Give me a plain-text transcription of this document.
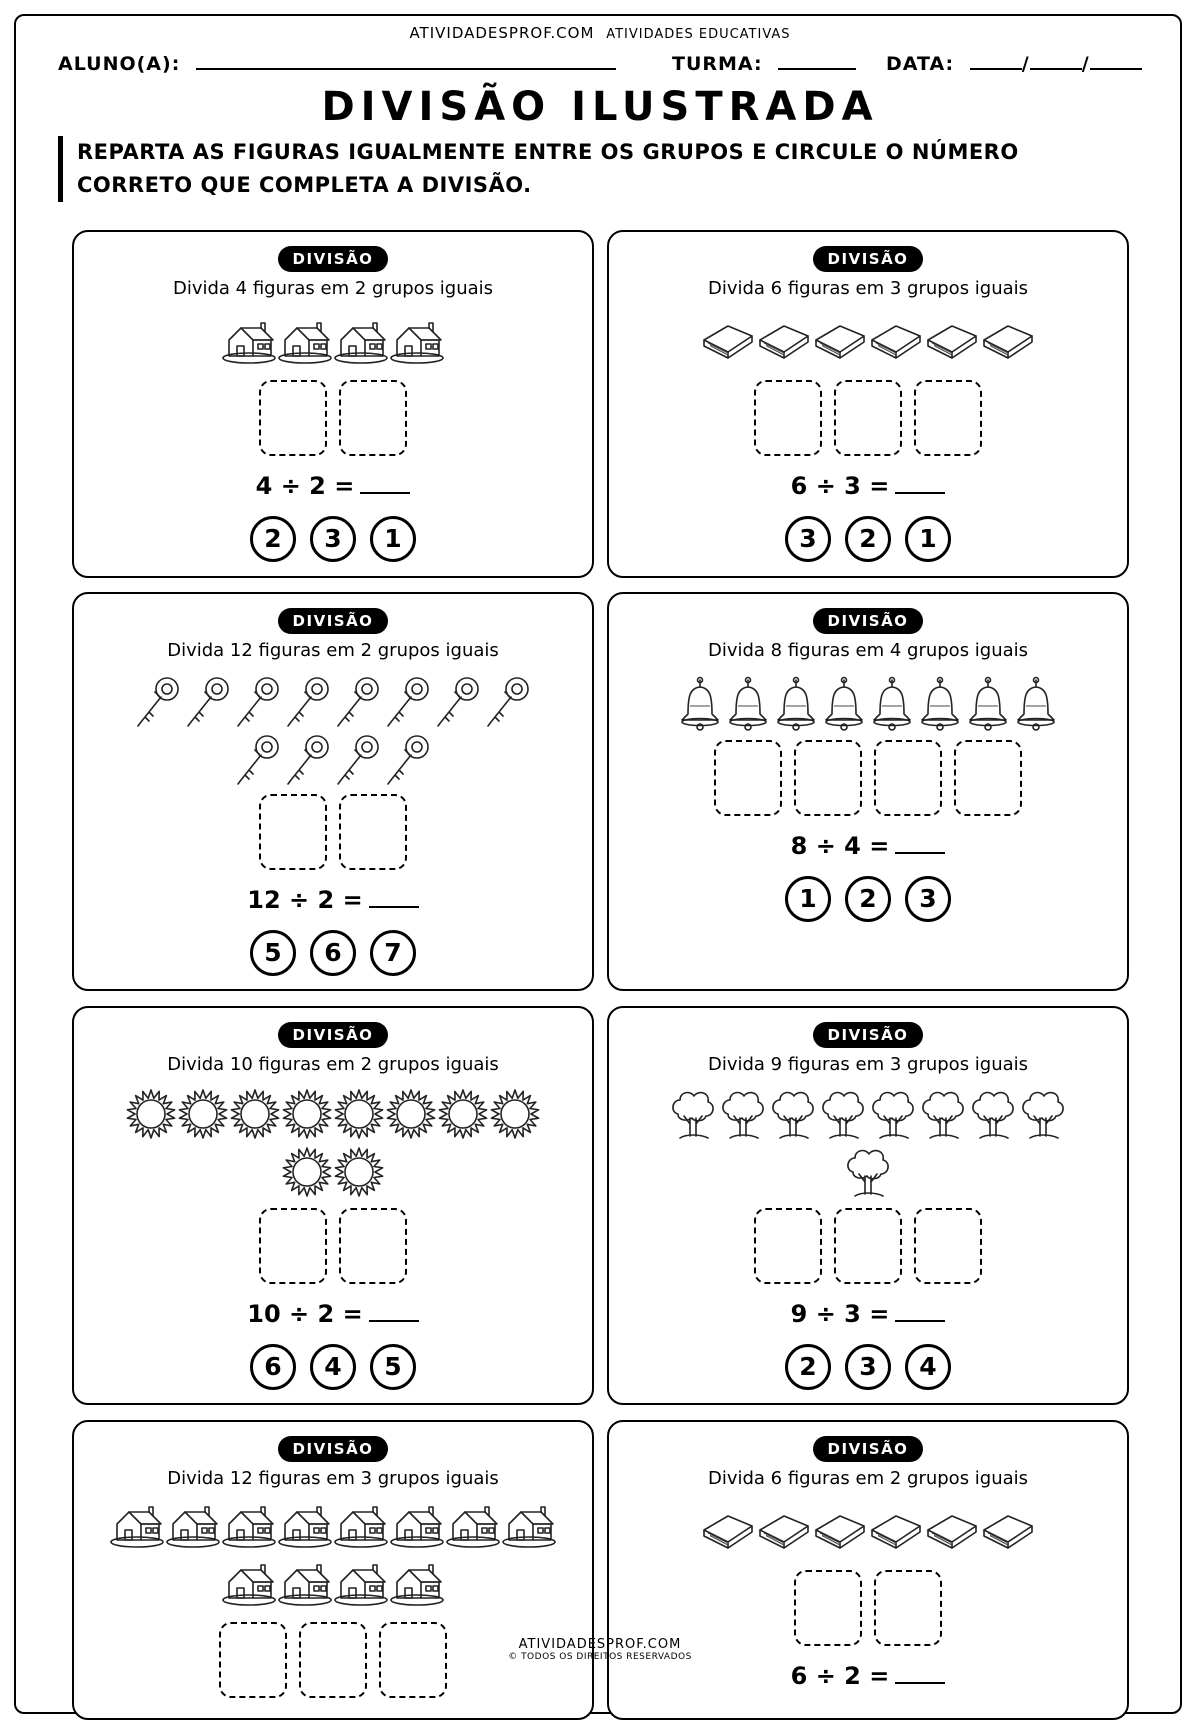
ATIVIDADESPROF.COM ATIVIDADES EDUCATIVAS
ALUNO(A):	TURMA:	DATA:	/	/
DIVISÃO ILUSTRADA
REPARTA AS FIGURAS IGUALMENTE ENTRE OS GRUPOS E CIRCULE O NÚMERO
CORRETO QUE COMPLETA A DIVISÃO.
DIVISÃO
Divida 4 figuras em 2 grupos iguais
4 ÷ 2 =
2	3	1
DIVISÃO
Divida 6 figuras em 3 grupos iguais
6 ÷ 3 =
3	2	1
DIVISÃO
Divida 12 figuras em 2 grupos iguais
12 ÷ 2 =
5	6	7
DIVISÃO
Divida 8 figuras em 4 grupos iguais
8 ÷ 4 =
1	2	3
DIVISÃO
Divida 10 figuras em 2 grupos iguais
10 ÷ 2 =
6	4	5
DIVISÃO
Divida 9 figuras em 3 grupos iguais
9 ÷ 3 =
2	3	4
DIVISÃO
Divida 12 figuras em 3 grupos iguais
DIVISÃO
Divida 6 figuras em 2 grupos iguais
6 ÷ 2 =
ATIVIDADESPROF.COM
© TODOS OS DIREITOS RESERVADOS
